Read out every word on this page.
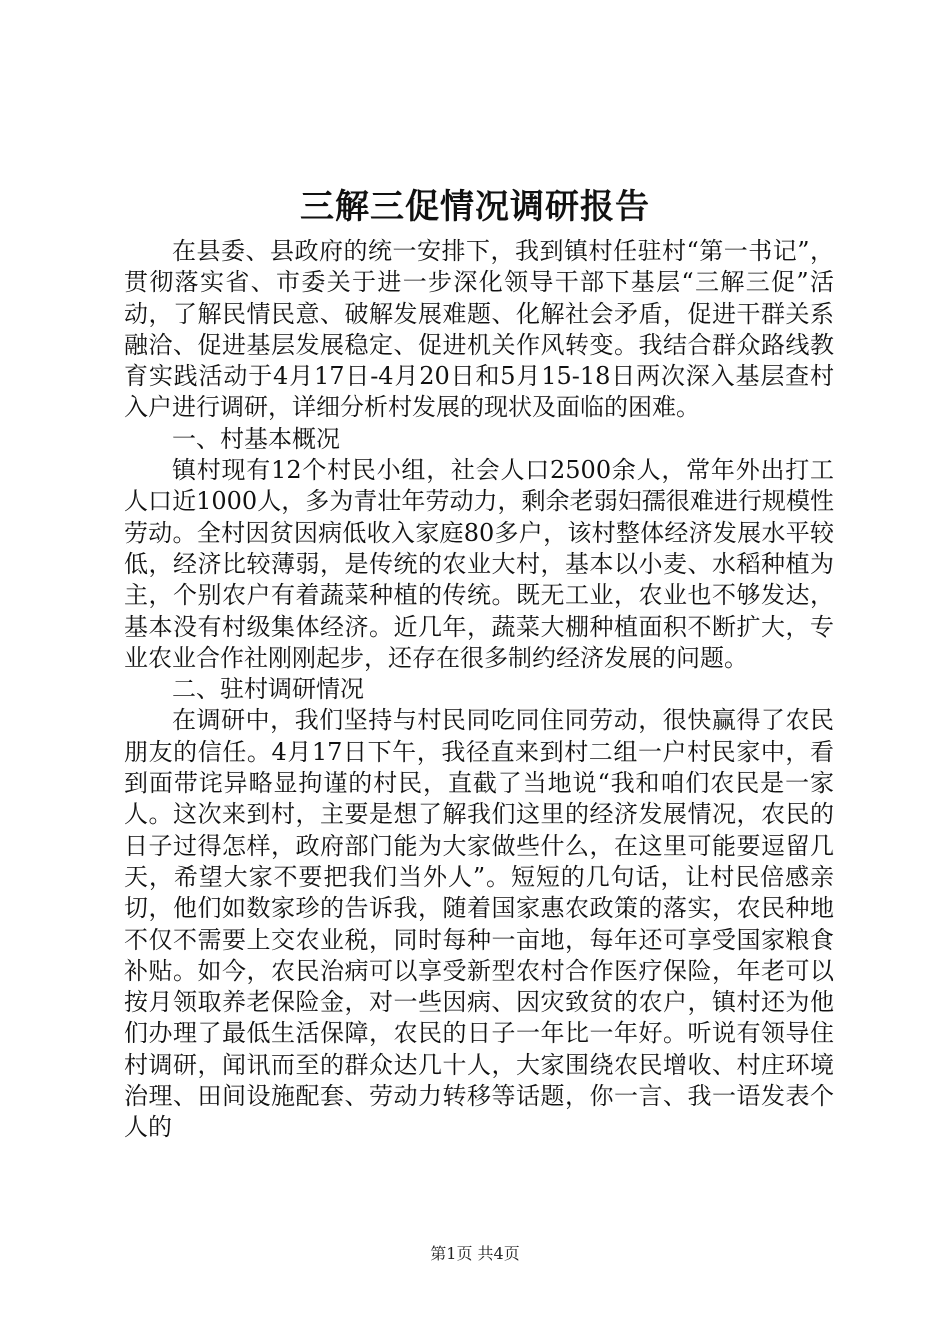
三解三促情况调研报告

在县委、县政府的统一安排下，我到镇村任驻村“第一书记”，贯彻落实省、市委关于进一步深化领导干部下基层“三解三促”活动，了解民情民意、破解发展难题、化解社会矛盾，促进干群关系融洽、促进基层发展稳定、促进机关作风转变。我结合群众路线教育实践活动于4月17日-4月20日和5月15-18日两次深入基层查村入户进行调研，详细分析村发展的现状及面临的困难。

一、村基本概况

镇村现有12个村民小组，社会人口2500余人，常年外出打工人口近1000人，多为青壮年劳动力，剩余老弱妇孺很难进行规模性劳动。全村因贫因病低收入家庭80多户，该村整体经济发展水平较低，经济比较薄弱，是传统的农业大村，基本以小麦、水稻种植为主，个别农户有着蔬菜种植的传统。既无工业，农业也不够发达，基本没有村级集体经济。近几年，蔬菜大棚种植面积不断扩大，专业农业合作社刚刚起步，还存在很多制约经济发展的问题。

二、驻村调研情况

在调研中，我们坚持与村民同吃同住同劳动，很快赢得了农民朋友的信任。4月17日下午，我径直来到村二组一户村民家中，看到面带诧异略显拘谨的村民，直截了当地说“我和咱们农民是一家人。这次来到村，主要是想了解我们这里的经济发展情况，农民的日子过得怎样，政府部门能为大家做些什么，在这里可能要逗留几天，希望大家不要把我们当外人”。短短的几句话，让村民倍感亲切，他们如数家珍的告诉我，随着国家惠农政策的落实，农民种地不仅不需要上交农业税，同时每种一亩地，每年还可享受国家粮食补贴。如今，农民治病可以享受新型农村合作医疗保险，年老可以按月领取养老保险金，对一些因病、因灾致贫的农户，镇村还为他们办理了最低生活保障，农民的日子一年比一年好。听说有领导住村调研，闻讯而至的群众达几十人，大家围绕农民增收、村庄环境治理、田间设施配套、劳动力转移等话题，你一言、我一语发表个人的

第1页 共4页
